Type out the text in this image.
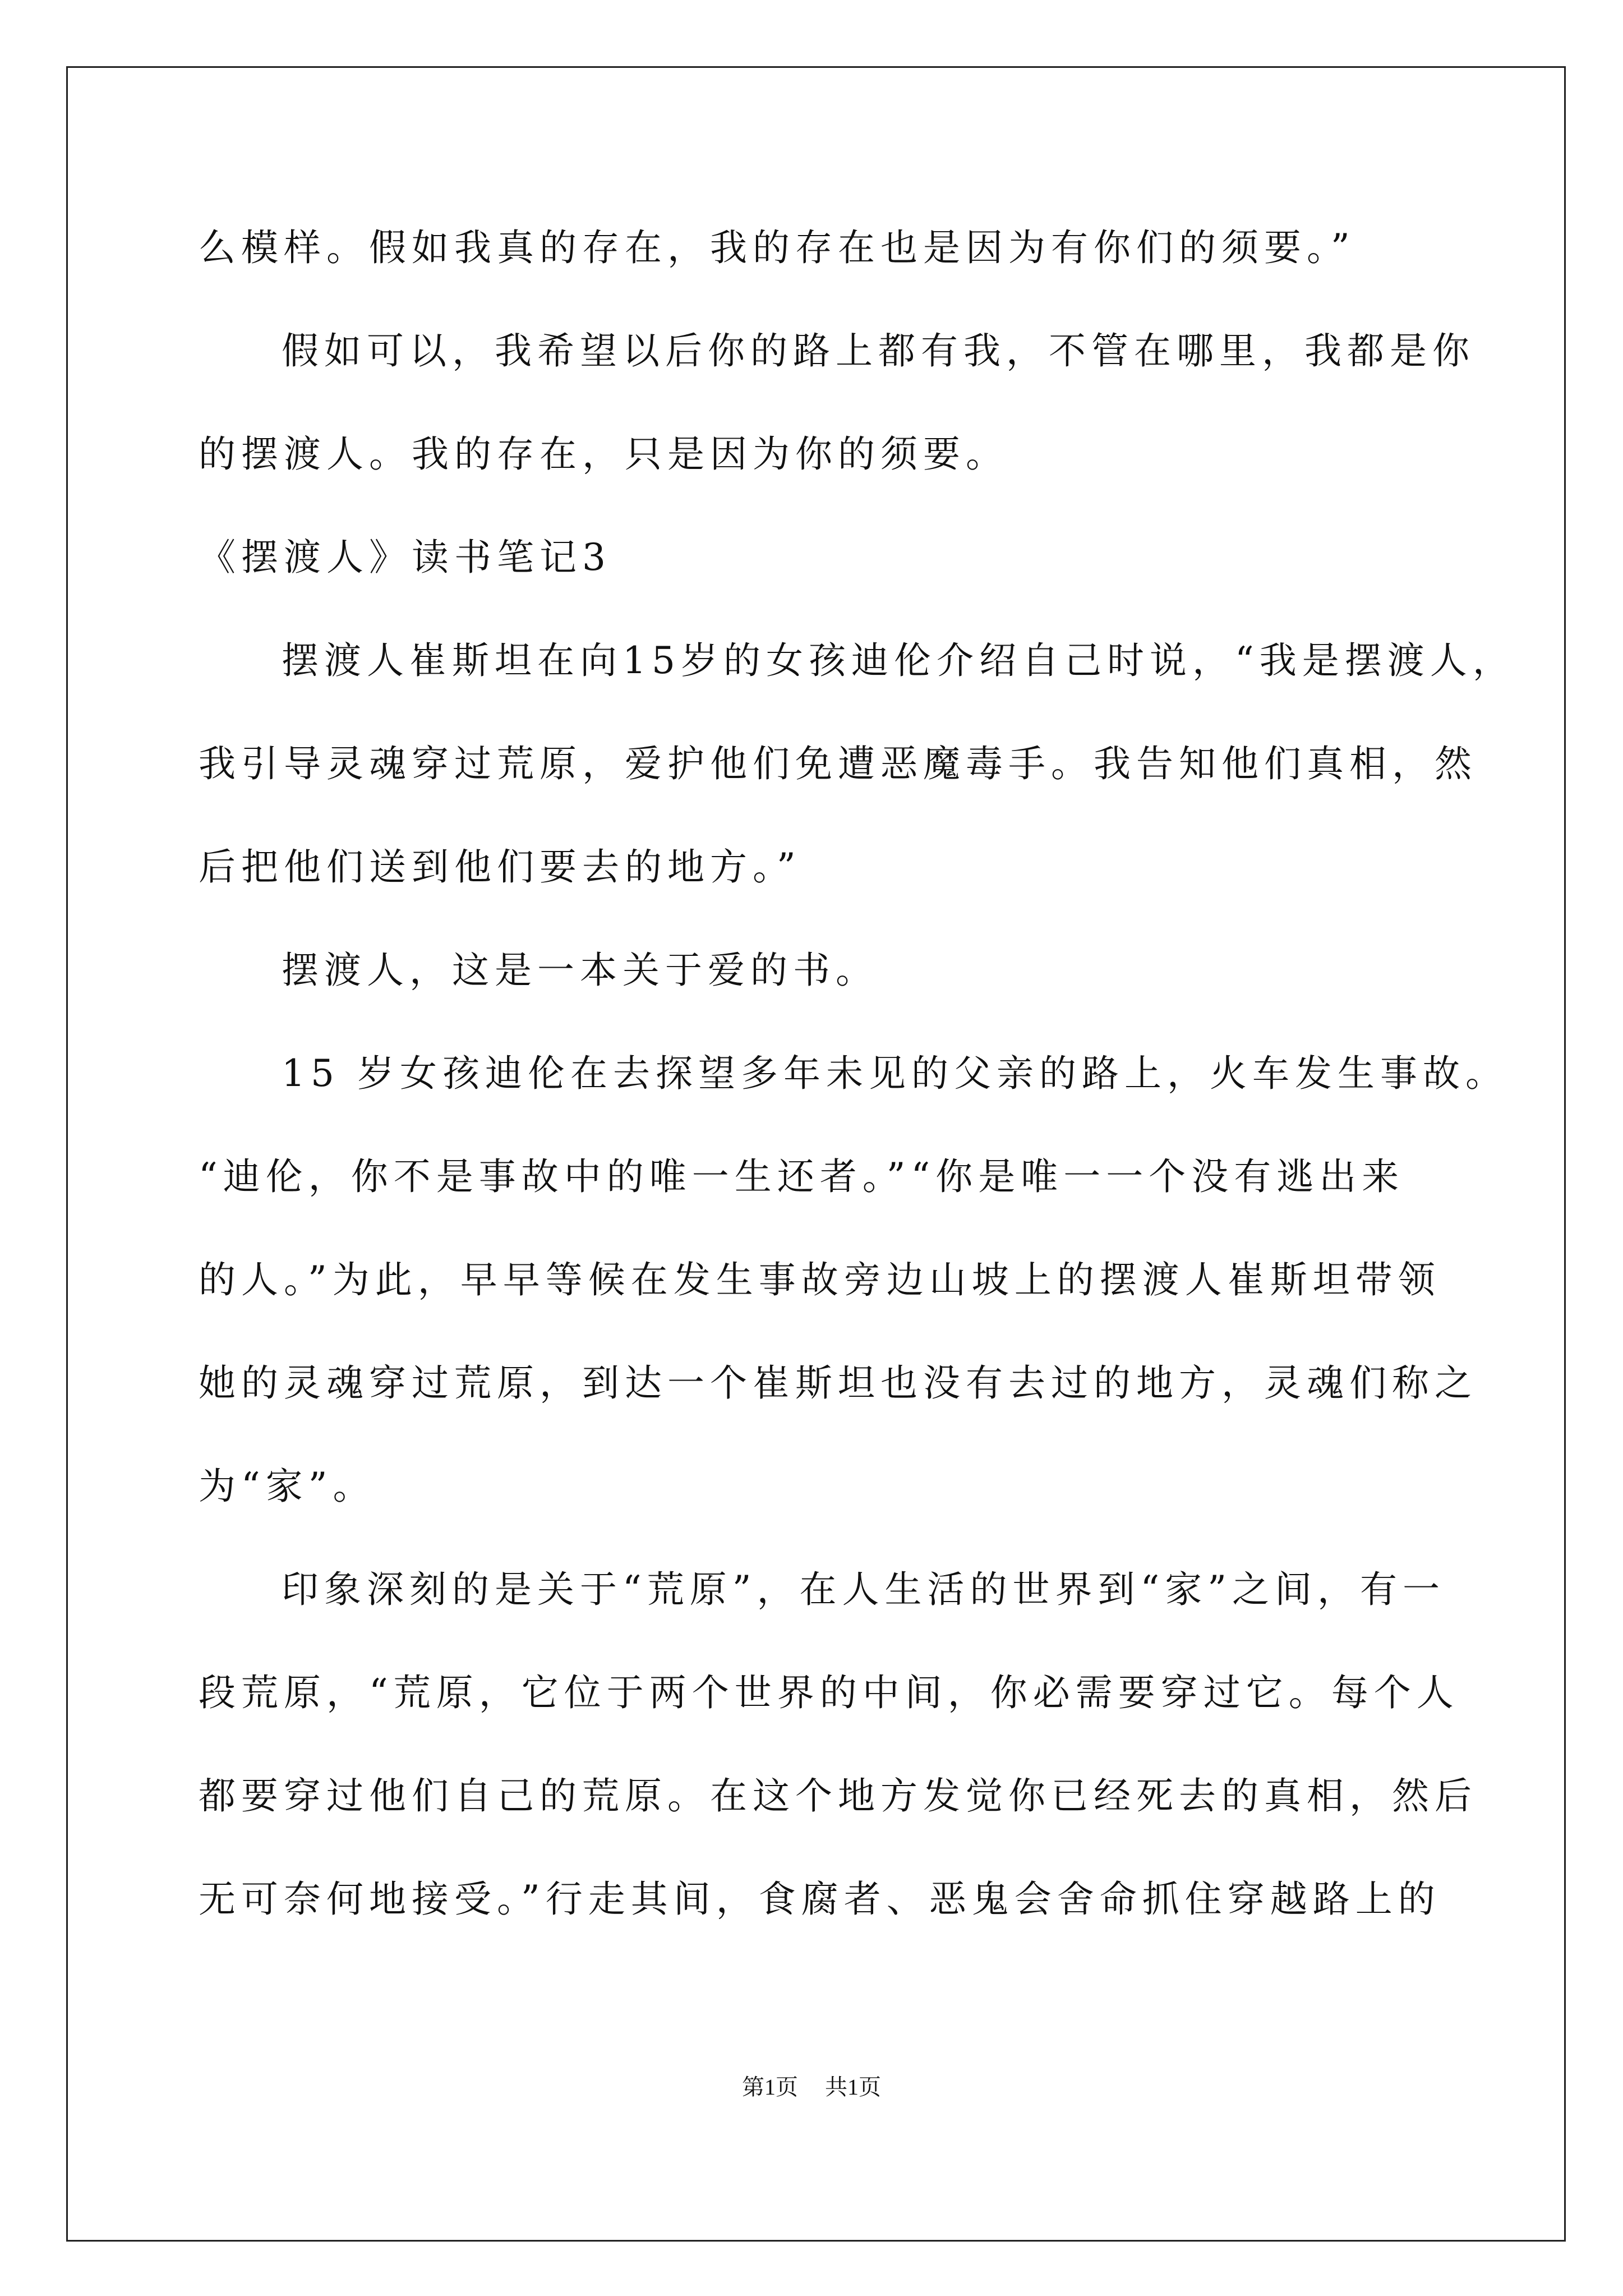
么模样。假如我真的存在，我的存在也是因为有你们的须要。”
假如可以，我希望以后你的路上都有我，不管在哪里，我都是你
的摆渡人。我的存在，只是因为你的须要。
《摆渡人》读书笔记3
摆渡人崔斯坦在向15岁的女孩迪伦介绍自己时说，“我是摆渡人，
我引导灵魂穿过荒原，爱护他们免遭恶魔毒手。我告知他们真相，然
后把他们送到他们要去的地方。”
摆渡人，这是一本关于爱的书。
15 岁女孩迪伦在去探望多年未见的父亲的路上，火车发生事故。
“迪伦，你不是事故中的唯一生还者。”“你是唯一一个没有逃出来
的人。”为此，早早等候在发生事故旁边山坡上的摆渡人崔斯坦带领
她的灵魂穿过荒原，到达一个崔斯坦也没有去过的地方，灵魂们称之
为“家”。
印象深刻的是关于“荒原”，在人生活的世界到“家”之间，有一
段荒原，“荒原，它位于两个世界的中间，你必需要穿过它。每个人
都要穿过他们自己的荒原。在这个地方发觉你已经死去的真相，然后
无可奈何地接受。”行走其间，食腐者、恶鬼会舍命抓住穿越路上的
第1页 共1页
